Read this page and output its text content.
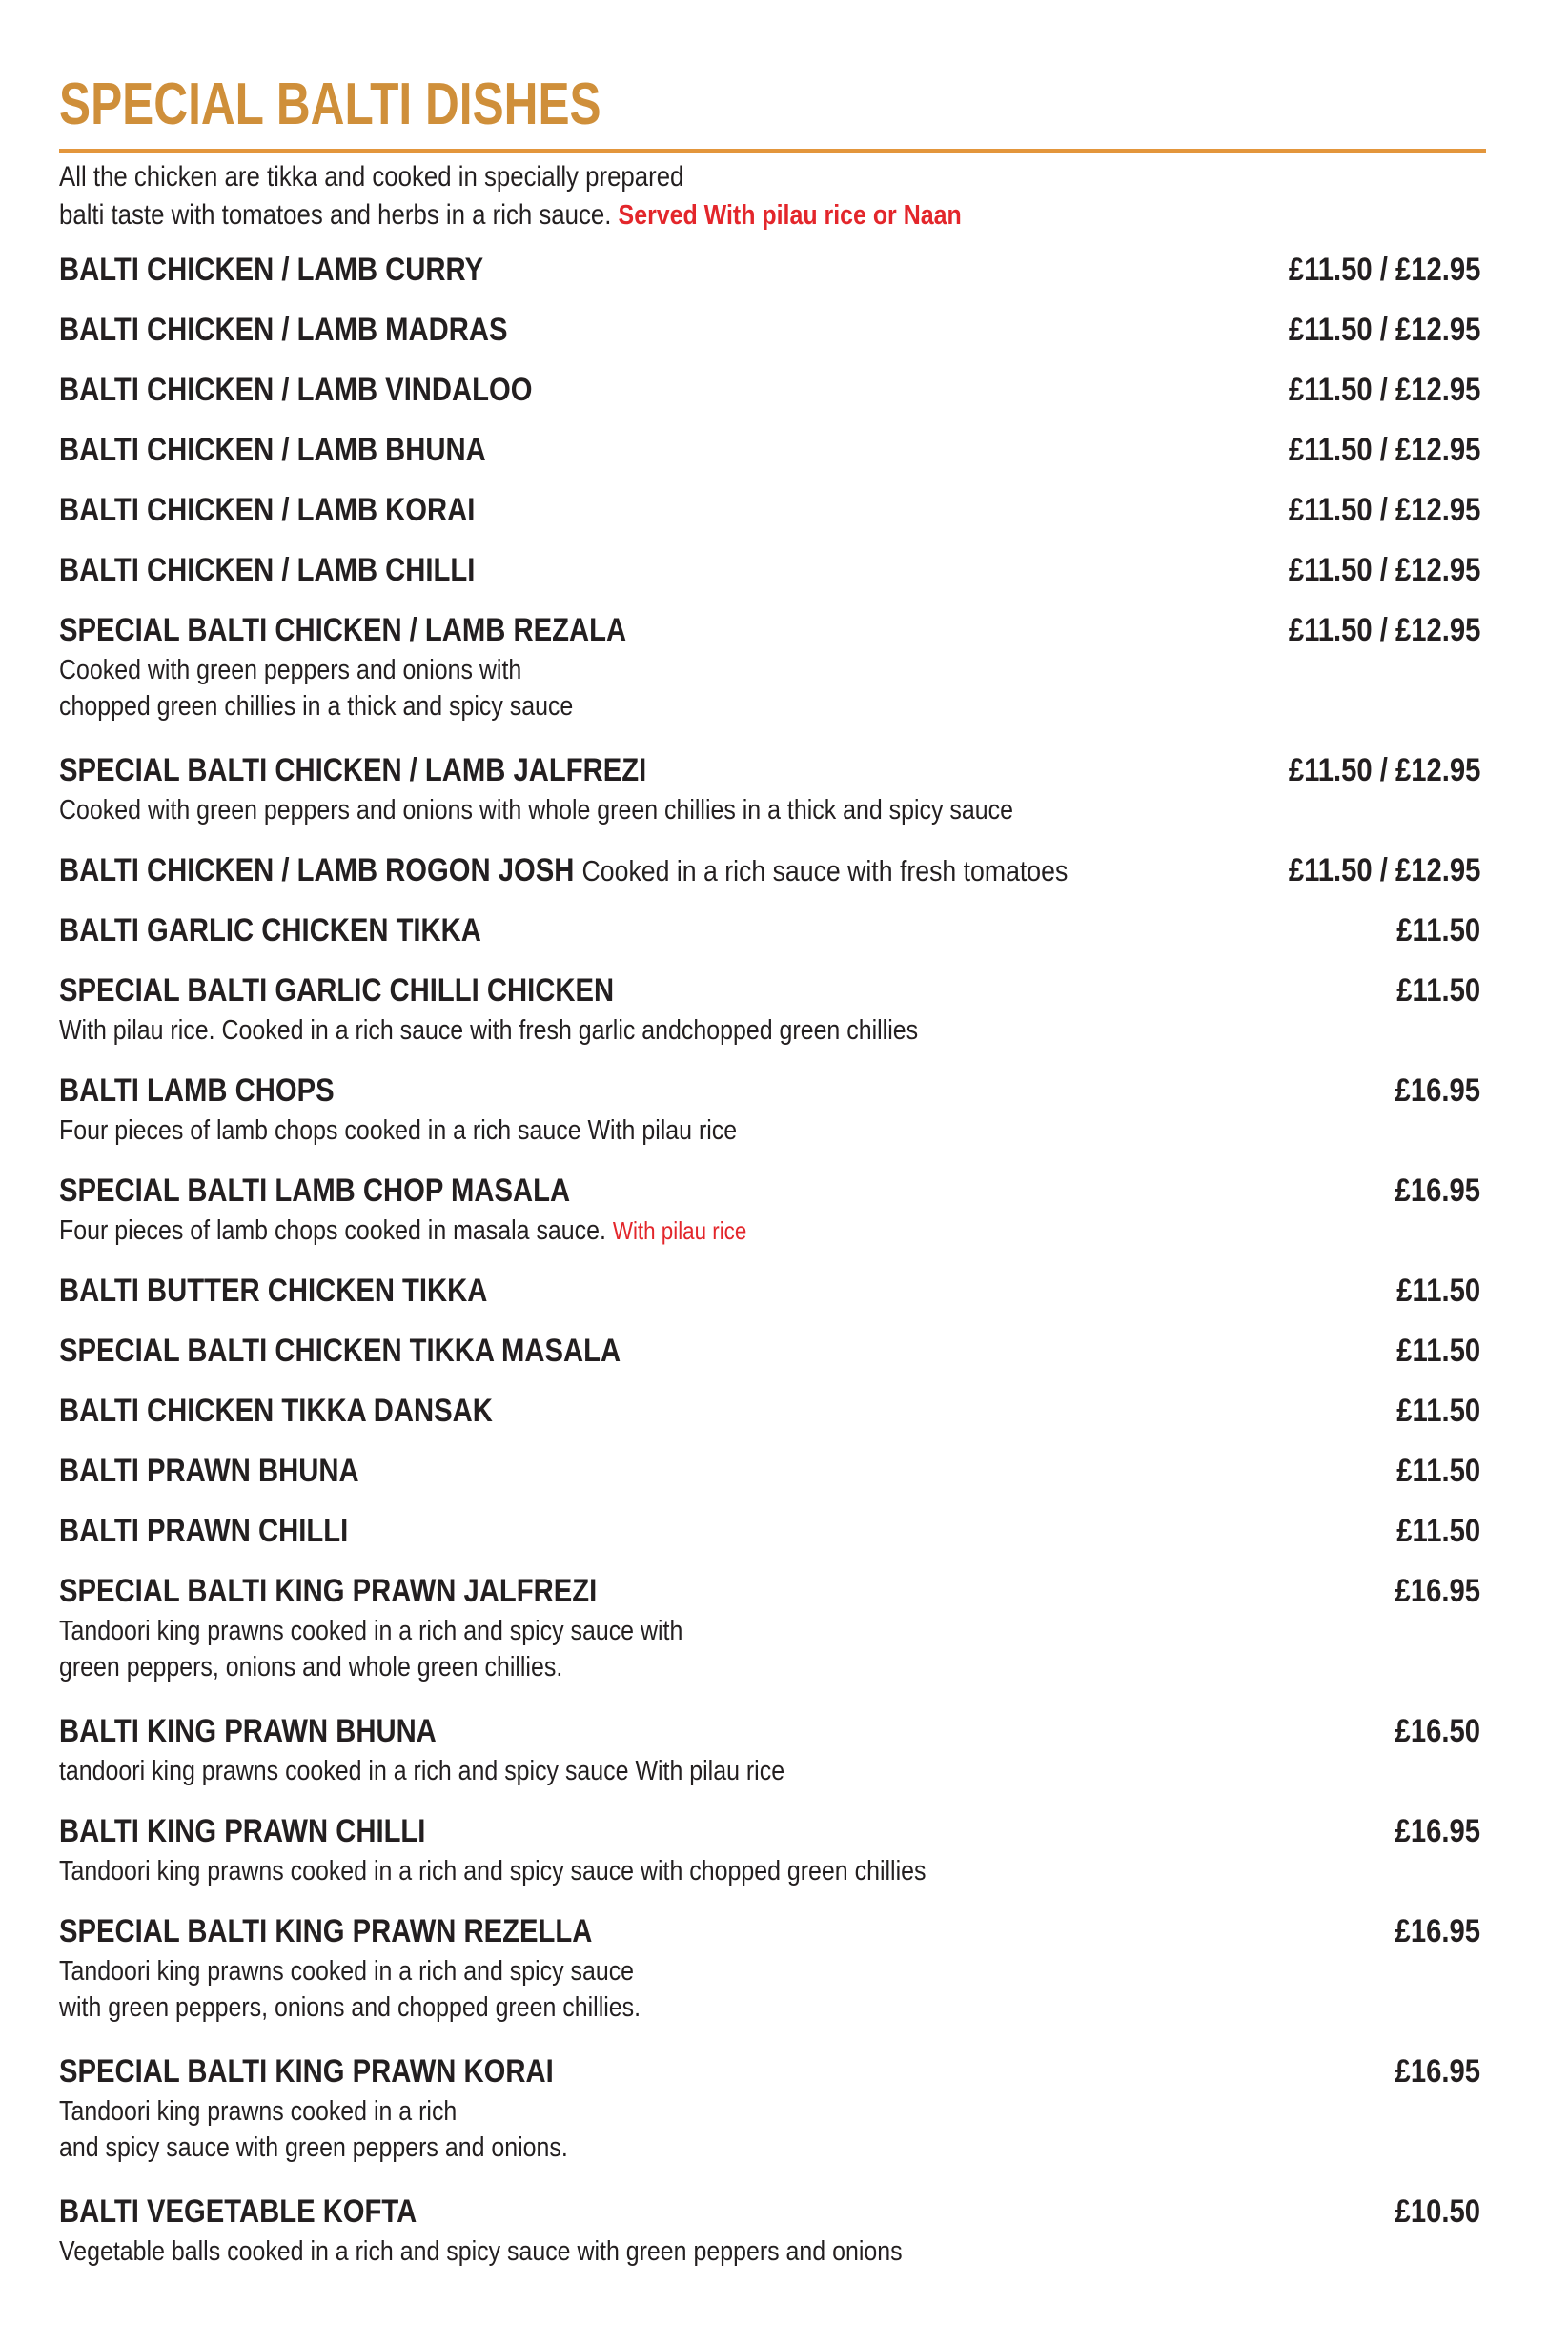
SPECIAL BALTI DISHES
All the chicken are tikka and cooked in specially prepared
balti taste with tomatoes and herbs in a rich sauce. Served With pilau rice or Naan
BALTI CHICKEN / LAMB CURRY	£11.50 / £12.95
BALTI CHICKEN / LAMB MADRAS	£11.50 / £12.95
BALTI CHICKEN / LAMB VINDALOO	£11.50 / £12.95
BALTI CHICKEN / LAMB BHUNA	£11.50 / £12.95
BALTI CHICKEN / LAMB KORAI	£11.50 / £12.95
BALTI CHICKEN / LAMB CHILLI	£11.50 / £12.95
SPECIAL BALTI CHICKEN / LAMB REZALA	£11.50 / £12.95
Cooked with green peppers and onions with
chopped green chillies in a thick and spicy sauce
SPECIAL BALTI CHICKEN / LAMB JALFREZI	£11.50 / £12.95
Cooked with green peppers and onions with whole green chillies in a thick and spicy sauce
BALTI CHICKEN / LAMB ROGON JOSH Cooked in a rich sauce with fresh tomatoes	£11.50 / £12.95
BALTI GARLIC CHICKEN TIKKA	£11.50
SPECIAL BALTI GARLIC CHILLI CHICKEN	£11.50
With pilau rice. Cooked in a rich sauce with fresh garlic andchopped green chillies
BALTI LAMB CHOPS	£16.95
Four pieces of lamb chops cooked in a rich sauce With pilau rice
SPECIAL BALTI LAMB CHOP MASALA	£16.95
Four pieces of lamb chops cooked in masala sauce. With pilau rice
BALTI BUTTER CHICKEN TIKKA	£11.50
SPECIAL BALTI CHICKEN TIKKA MASALA	£11.50
BALTI CHICKEN TIKKA DANSAK	£11.50
BALTI PRAWN BHUNA	£11.50
BALTI PRAWN CHILLI	£11.50
SPECIAL BALTI KING PRAWN JALFREZI	£16.95
Tandoori king prawns cooked in a rich and spicy sauce with
green peppers, onions and whole green chillies.
BALTI KING PRAWN BHUNA	£16.50
tandoori king prawns cooked in a rich and spicy sauce With pilau rice
BALTI KING PRAWN CHILLI	£16.95
Tandoori king prawns cooked in a rich and spicy sauce with chopped green chillies
SPECIAL BALTI KING PRAWN REZELLA	£16.95
Tandoori king prawns cooked in a rich and spicy sauce
with green peppers, onions and chopped green chillies.
SPECIAL BALTI KING PRAWN KORAI	£16.95
Tandoori king prawns cooked in a rich
and spicy sauce with green peppers and onions.
BALTI VEGETABLE KOFTA	£10.50
Vegetable balls cooked in a rich and spicy sauce with green peppers and onions
